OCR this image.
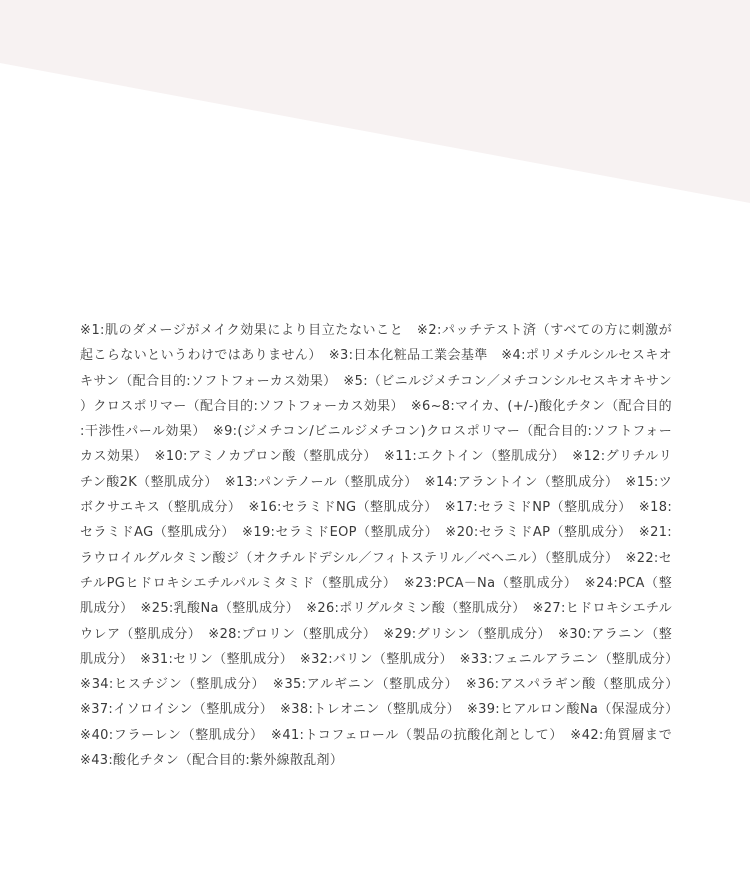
※1:肌のダメージがメイク効果により目立たないこと　※2:パッチテスト済（すべての方に刺激が起こらないというわけではありません）　※3:日本化粧品工業会基準　※4:ポリメチルシルセスキオキサン（配合目的:ソフトフォーカス効果）　※5:（ビニルジメチコン／メチコンシルセスキオキサン）クロスポリマー（配合目的:ソフトフォーカス効果）　※6~8:マイカ、(+/-)酸化チタン（配合目的:干渉性パール効果）　※9:(ジメチコン/ビニルジメチコン)クロスポリマー（配合目的:ソフトフォーカス効果）　※10:アミノカプロン酸（整肌成分）　※11:エクトイン（整肌成分）　※12:グリチルリチン酸2K（整肌成分）　※13:パンテノール（整肌成分）　※14:アラントイン（整肌成分）　※15:ツボクサエキス（整肌成分）　※16:セラミドNG（整肌成分）　※17:セラミドNP（整肌成分）　※18:セラミドAG（整肌成分）　※19:セラミドEOP（整肌成分）　※20:セラミドAP（整肌成分）　※21:ラウロイルグルタミン酸ジ（オクチルドデシル／フィトステリル／ベヘニル）（整肌成分）　※22:セチルPGヒドロキシエチルパルミタミド（整肌成分）　※23:PCA－Na（整肌成分）　※24:PCA（整肌成分）　※25:乳酸Na（整肌成分）　※26:ポリグルタミン酸（整肌成分）　※27:ヒドロキシエチルウレア（整肌成分）　※28:プロリン（整肌成分）　※29:グリシン（整肌成分）　※30:アラニン（整肌成分）　※31:セリン（整肌成分）　※32:バリン（整肌成分）　※33:フェニルアラニン（整肌成分）　※34:ヒスチジン（整肌成分）　※35:アルギニン（整肌成分）　※36:アスパラギン酸（整肌成分）　※37:イソロイシン（整肌成分）　※38:トレオニン（整肌成分）　※39:ヒアルロン酸Na（保湿成分）　※40:フラーレン（整肌成分）　※41:トコフェロール（製品の抗酸化剤として）　※42:角質層まで　※43:酸化チタン（配合目的:紫外線散乱剤）
